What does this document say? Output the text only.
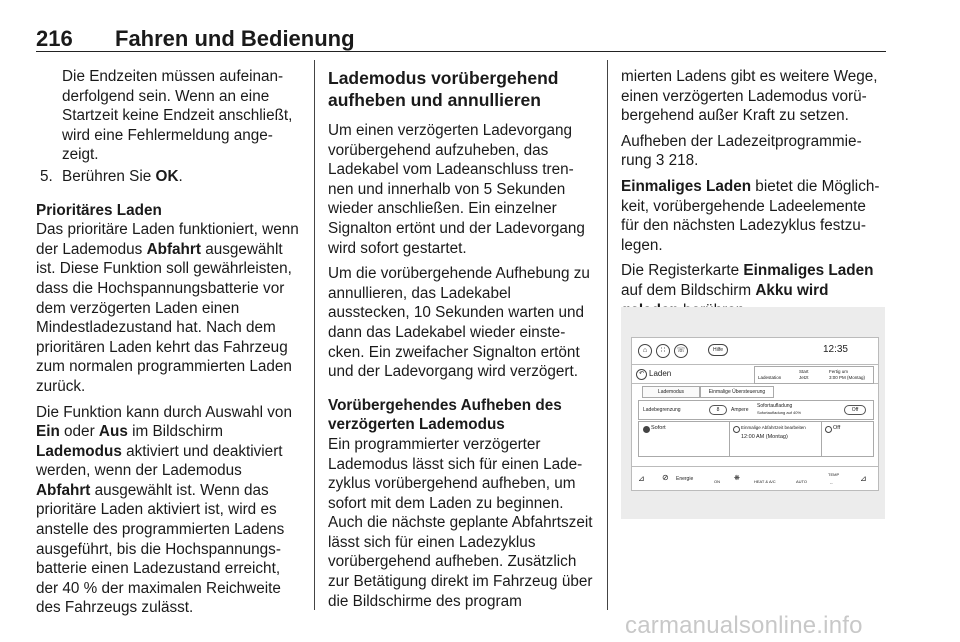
216 Fahren und Bedienung

Die Endzeiten müssen aufeinanderfolgend sein. Wenn an eine Startzeit keine Endzeit anschließt, wird eine Fehlermeldung angezeigt.

5. Berühren Sie OK.
Prioritäres Laden

Das prioritäre Laden funktioniert, wenn der Lademodus Abfahrt ausgewählt ist. Diese Funktion soll gewährleisten, dass die Hochspannungsbatterie vor dem verzögerten Laden einen Mindestladezustand hat. Nach dem prioritären Laden kehrt das Fahrzeug zum normalen programmierten Laden zurück.

Die Funktion kann durch Auswahl von Ein oder Aus im Bildschirm Lademodus aktiviert und deaktiviert werden, wenn der Lademodus Abfahrt ausgewählt ist. Wenn das prioritäre Laden aktiviert ist, wird es anstelle des programmierten Ladens ausgeführt, bis die Hochspannungsbatterie einen Ladezustand erreicht, der 40 % der maximalen Reichweite des Fahrzeugs zulässt.

Lademodus vorübergehend aufheben und annullieren

Um einen verzögerten Ladevorgang vorübergehend aufzuheben, das Ladekabel vom Ladeanschluss trennen und innerhalb von 5 Sekunden wieder anschließen. Ein einzelner Signalton ertönt und der Ladevorgang wird sofort gestartet.

Um die vorübergehende Aufhebung zu annullieren, das Ladekabel ausstecken, 10 Sekunden warten und dann das Ladekabel wieder einstecken. Ein zweifacher Signalton ertönt und der Ladevorgang wird verzögert.

Vorübergehendes Aufheben des verzögerten Lademodus

Ein programmierter verzögerter Lademodus lässt sich für einen Ladezyklus vorübergehend aufheben, um sofort mit dem Laden zu beginnen. Auch die nächste geplante Abfahrtszeit lässt sich für einen Ladezyklus vorübergehend aufheben. Zusätzlich zur Betätigung direkt im Fahrzeug über die Bildschirme des program

mierten Ladens gibt es weitere Wege, einen verzögerten Lademodus vorübergehend außer Kraft zu setzen.

Aufheben der Ladezeitprogrammierung 3 218.

Einmaliges Laden bietet die Möglichkeit, vorübergehende Ladeelemente für den nächsten Ladezyklus festzulegen.

Die Registerkarte Einmaliges Laden auf dem Bildschirm Akku wird

⌂	∷	☏	Hilfe	12:35
↶ Laden	Ladestation
Start
Jetzt
Fertig um
3:00 PM (Montag)
Lademodus	Einmalige Übersteuerung
Ladebegrenzung	8	Ampere
Sofortaufladung
Sofortaufladung auf 40%	Off
Sofort	Einmalige Abfahrtzeit bearbeiten
12:00 AM (Montag)
Off
⊿ ⊘ Energie	ON ❋	HEAT & A/C	AUTO
TEMP
--	⊿
carmanualsonline.info
